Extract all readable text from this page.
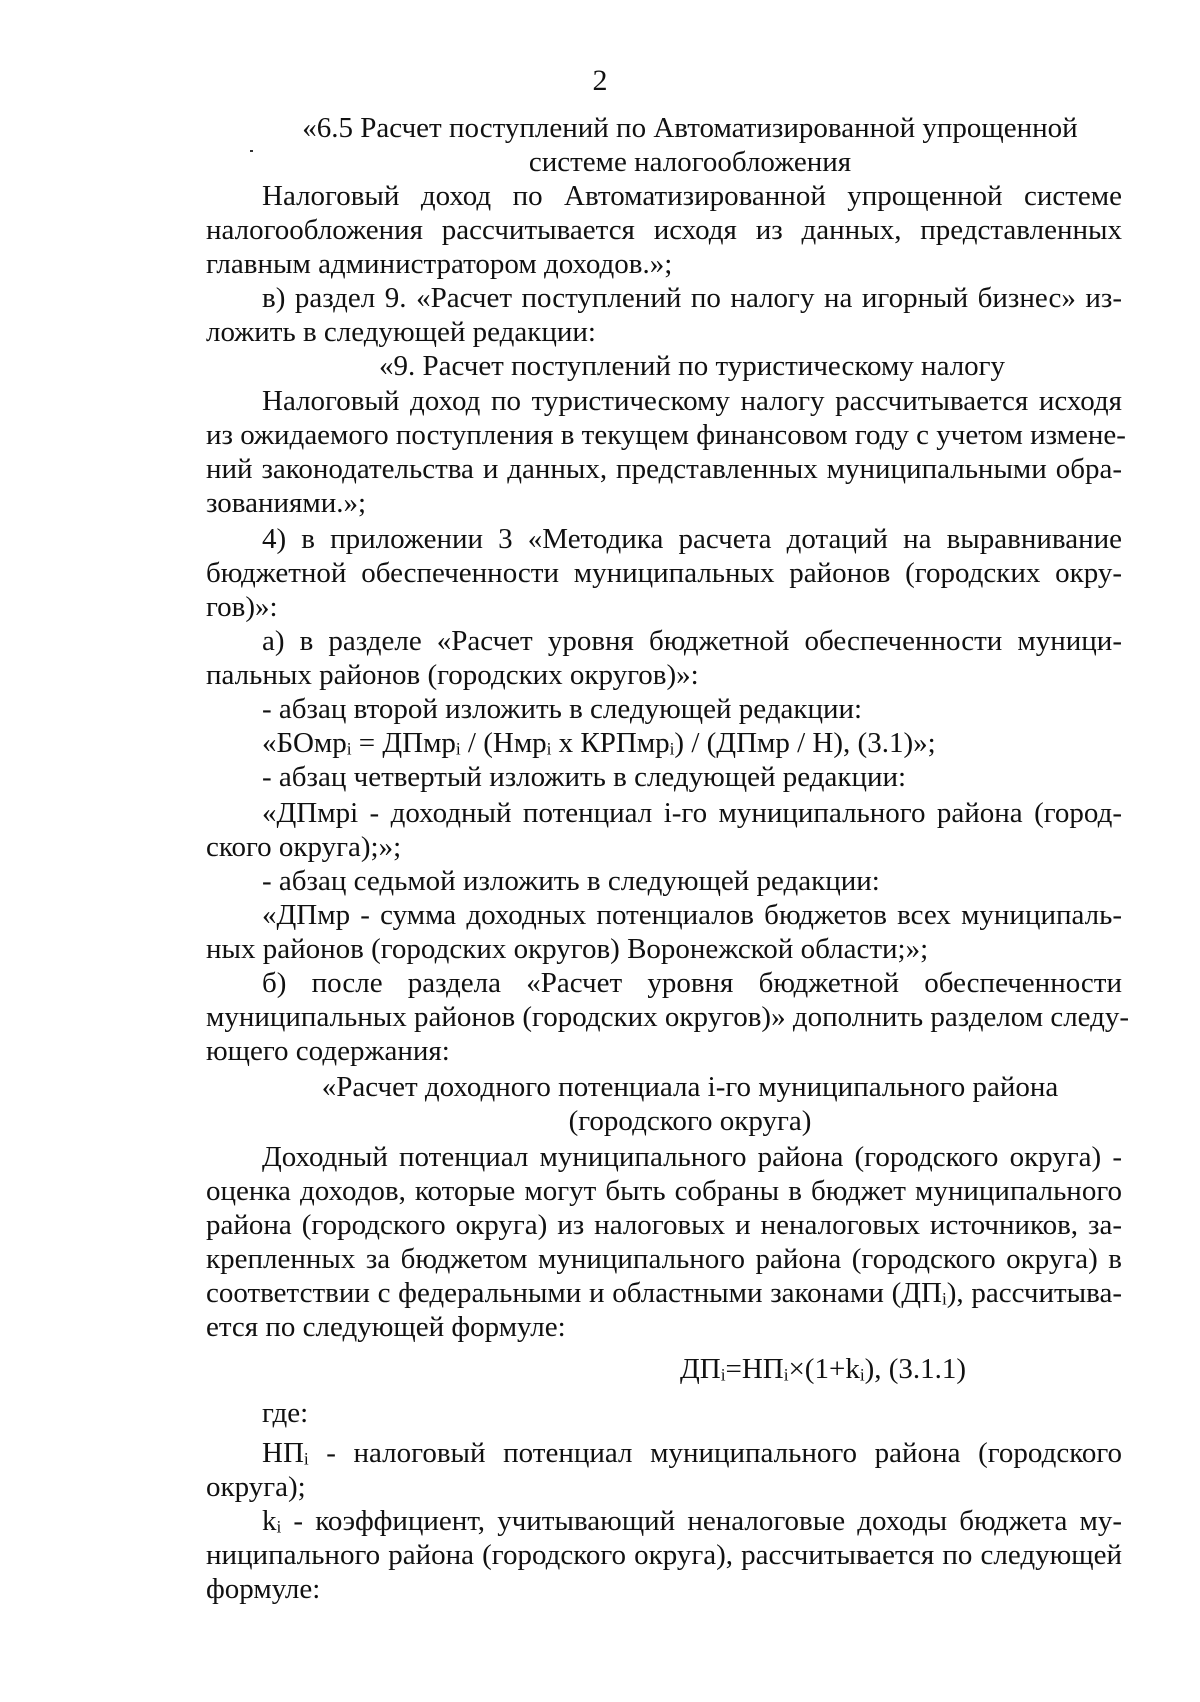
2
«6.5 Расчет поступлений по Автоматизированной упрощенной
системе налогообложения
Налоговый доход по Автоматизированной упрощенной системе
налогообложения рассчитывается исходя из данных, представленных
главным администратором доходов.»;
в) раздел 9. «Расчет поступлений по налогу на игорный бизнес» из-
ложить в следующей редакции:
«9. Расчет поступлений по туристическому налогу
Налоговый доход по туристическому налогу рассчитывается исходя
из ожидаемого поступления в текущем финансовом году с учетом измене-
ний законодательства и данных, представленных муниципальными обра-
зованиями.»;
4) в приложении 3 «Методика расчета дотаций на выравнивание
бюджетной обеспеченности муниципальных районов (городских окру-
гов)»:
а) в разделе «Расчет уровня бюджетной обеспеченности муници-
пальных районов (городских округов)»:
- абзац второй изложить в следующей редакции:
«БОмрᵢ = ДПмрᵢ / (Нмрᵢ х КРПмрᵢ) / (ДПмр / Н), (3.1)»;
- абзац четвертый изложить в следующей редакции:
«ДПмрі - доходный потенциал і-го муниципального района (город-
ского округа);»;
- абзац седьмой изложить в следующей редакции:
«ДПмр - сумма доходных потенциалов бюджетов всех муниципаль-
ных районов (городских округов) Воронежской области;»;
б) после раздела «Расчет уровня бюджетной обеспеченности
муниципальных районов (городских округов)» дополнить разделом следу-
ющего содержания:
«Расчет доходного потенциала і-го муниципального района
(городского округа)
Доходный потенциал муниципального района (городского округа) -
оценка доходов, которые могут быть собраны в бюджет муниципального
района (городского округа) из налоговых и неналоговых источников, за-
крепленных за бюджетом муниципального района (городского округа) в
соответствии с федеральными и областными законами (ДПᵢ), рассчитыва-
ется по следующей формуле:
ДПᵢ=НПᵢ×(1+kᵢ), (3.1.1)
где:
НПᵢ - налоговый потенциал муниципального района (городского
округа);
kᵢ - коэффициент, учитывающий неналоговые доходы бюджета му-
ниципального района (городского округа), рассчитывается по следующей
формуле:
